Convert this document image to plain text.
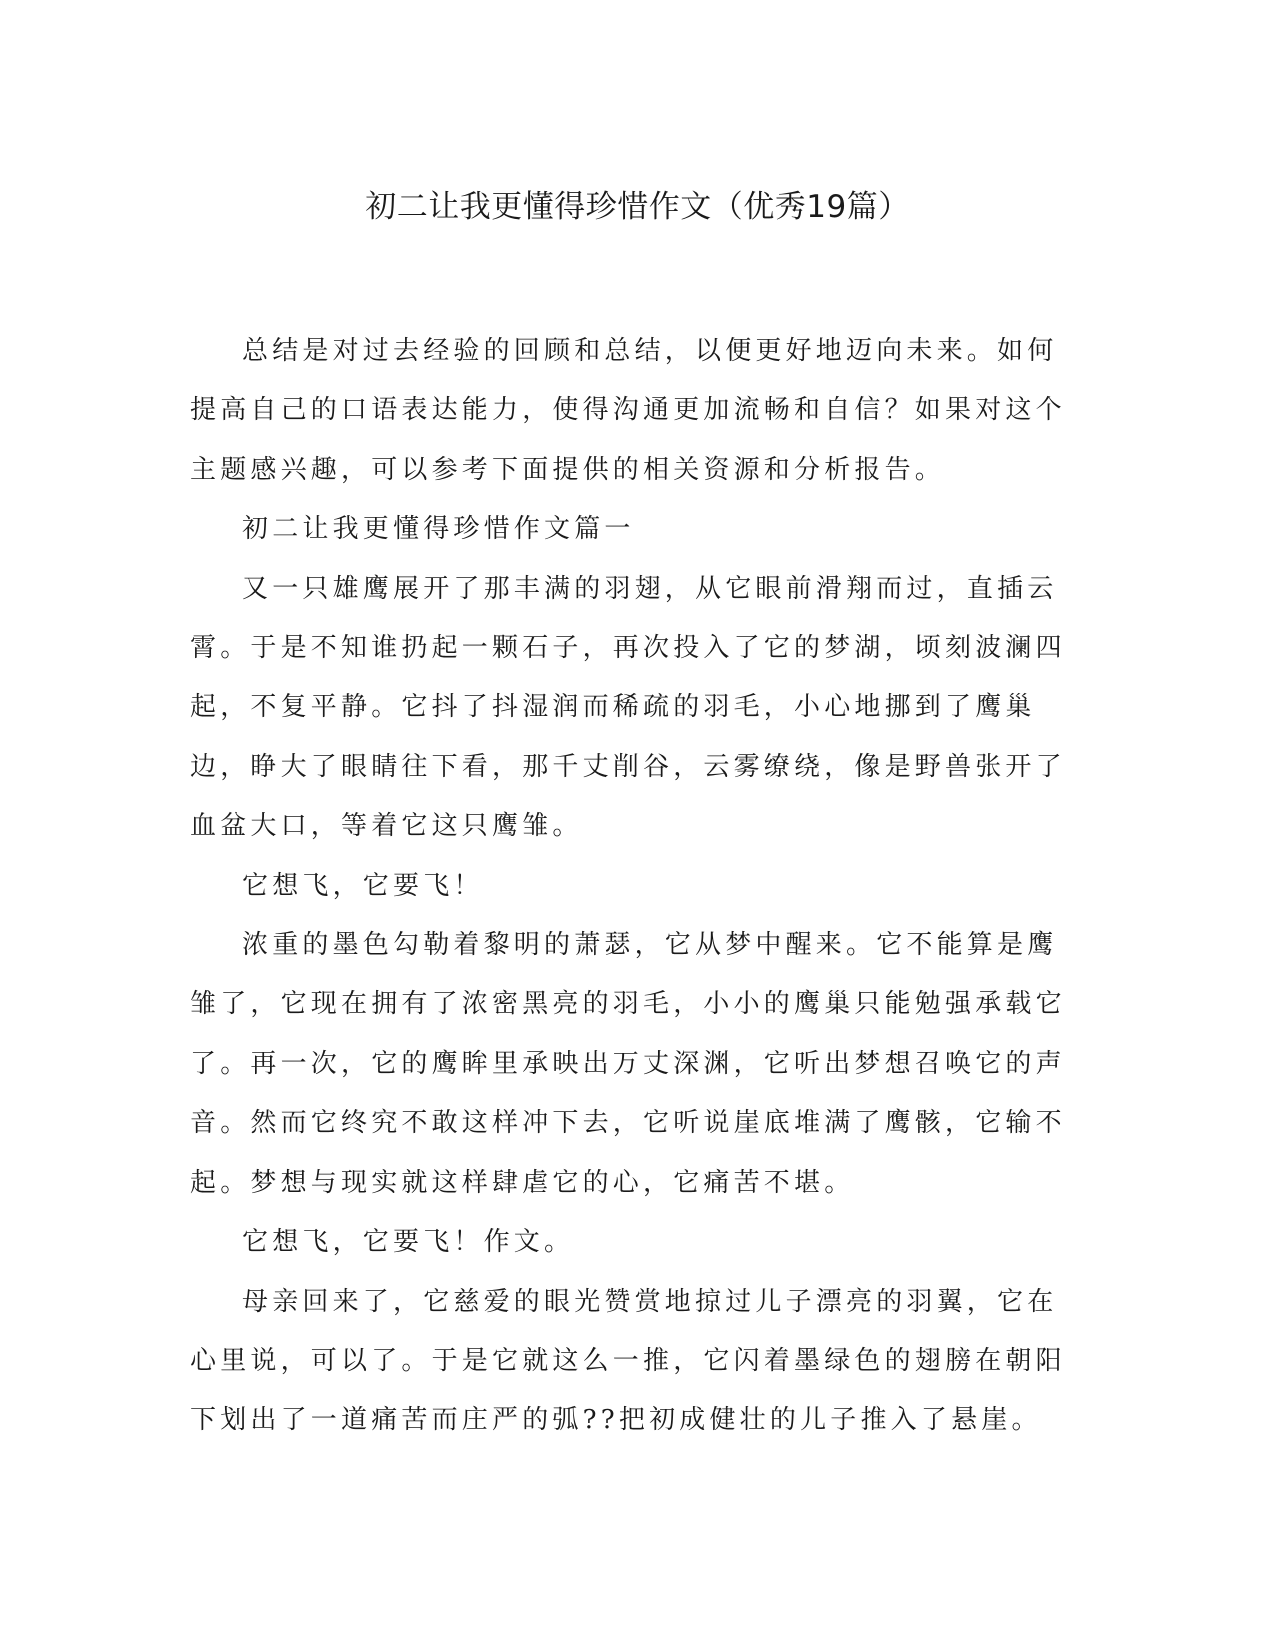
初二让我更懂得珍惜作文（优秀19篇）

总结是对过去经验的回顾和总结，以便更好地迈向未来。如何提高自己的口语表达能力，使得沟通更加流畅和自信？如果对这个主题感兴趣，可以参考下面提供的相关资源和分析报告。

初二让我更懂得珍惜作文篇一

又一只雄鹰展开了那丰满的羽翅，从它眼前滑翔而过，直插云霄。于是不知谁扔起一颗石子，再次投入了它的梦湖，顷刻波澜四起，不复平静。它抖了抖湿润而稀疏的羽毛，小心地挪到了鹰巢边，睁大了眼睛往下看，那千丈削谷，云雾缭绕，像是野兽张开了血盆大口，等着它这只鹰雏。

它想飞，它要飞！

浓重的墨色勾勒着黎明的萧瑟，它从梦中醒来。它不能算是鹰雏了，它现在拥有了浓密黑亮的羽毛，小小的鹰巢只能勉强承载它了。再一次，它的鹰眸里承映出万丈深渊，它听出梦想召唤它的声音。然而它终究不敢这样冲下去，它听说崖底堆满了鹰骸，它输不起。梦想与现实就这样肆虐它的心，它痛苦不堪。

它想飞，它要飞！作文。

母亲回来了，它慈爱的眼光赞赏地掠过儿子漂亮的羽翼，它在心里说，可以了。于是它就这么一推，它闪着墨绿色的翅膀在朝阳下划出了一道痛苦而庄严的弧??把初成健壮的儿子推入了悬崖。
